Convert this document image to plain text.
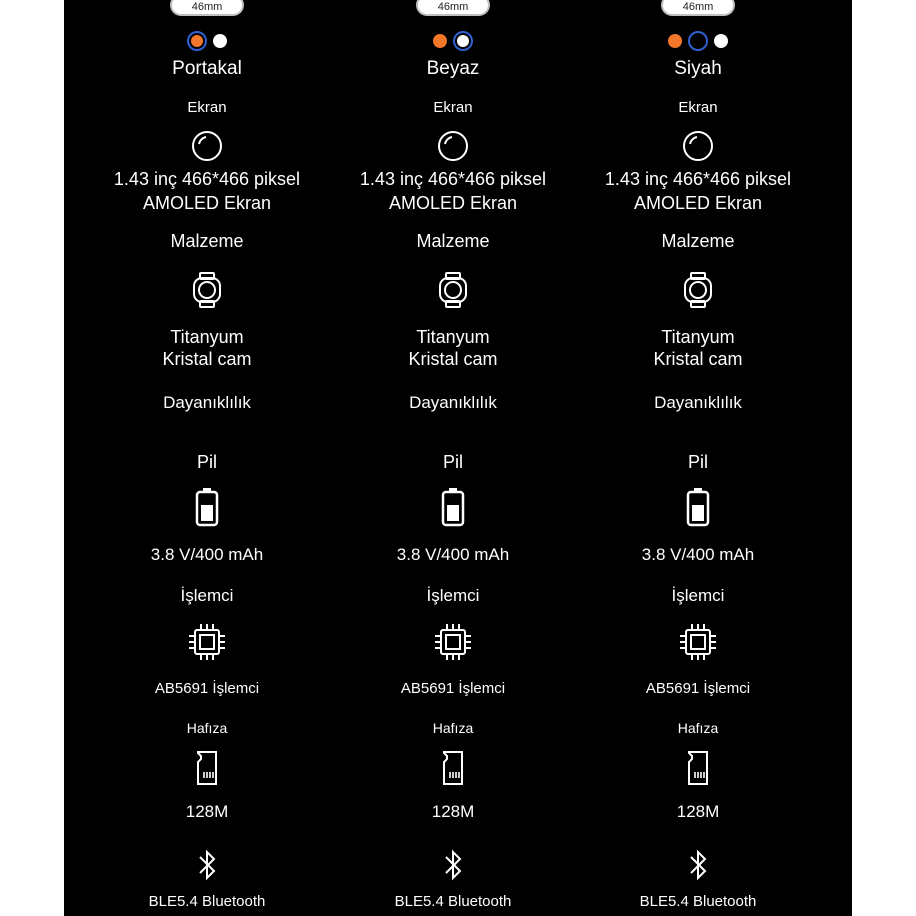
46mm
Portakal
Ekran
1.43 inç 466*466 piksel
AMOLED Ekran
Malzeme
Titanyum
Kristal cam
Dayanıklılık
Pil
3.8 V/400 mAh
İşlemci
AB5691 İşlemci
Hafıza
128M
BLE5.4 Bluetooth
46mm
Beyaz
Ekran
1.43 inç 466*466 piksel
AMOLED Ekran
Malzeme
Titanyum
Kristal cam
Dayanıklılık
Pil
3.8 V/400 mAh
İşlemci
AB5691 İşlemci
Hafıza
128M
BLE5.4 Bluetooth
46mm
Siyah
Ekran
1.43 inç 466*466 piksel
AMOLED Ekran
Malzeme
Titanyum
Kristal cam
Dayanıklılık
Pil
3.8 V/400 mAh
İşlemci
AB5691 İşlemci
Hafıza
128M
BLE5.4 Bluetooth
